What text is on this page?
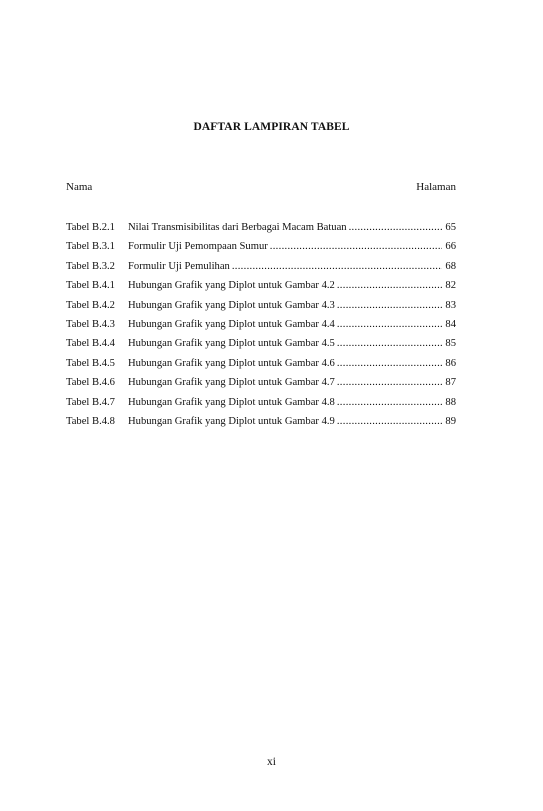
DAFTAR LAMPIRAN TABEL
Nama	Halaman
Tabel B.2.1	Nilai Transmisibilitas dari Berbagai Macam Batuan .....	65
Tabel B.3.1	Formulir Uji Pemompaan Sumur .....	66
Tabel B.3.2	Formulir Uji Pemulihan .....	68
Tabel B.4.1	Hubungan Grafik yang Diplot untuk Gambar 4.2 .....	82
Tabel B.4.2	Hubungan Grafik yang Diplot untuk Gambar 4.3 .....	83
Tabel B.4.3	Hubungan Grafik yang Diplot untuk Gambar 4.4 .....	84
Tabel B.4.4	Hubungan Grafik yang Diplot untuk Gambar 4.5 .....	85
Tabel B.4.5	Hubungan Grafik yang Diplot untuk Gambar 4.6 .....	86
Tabel B.4.6	Hubungan Grafik yang Diplot untuk Gambar 4.7 .....	87
Tabel B.4.7	Hubungan Grafik yang Diplot untuk Gambar 4.8 .....	88
Tabel B.4.8	Hubungan Grafik yang Diplot untuk Gambar 4.9 .....	89
xi
